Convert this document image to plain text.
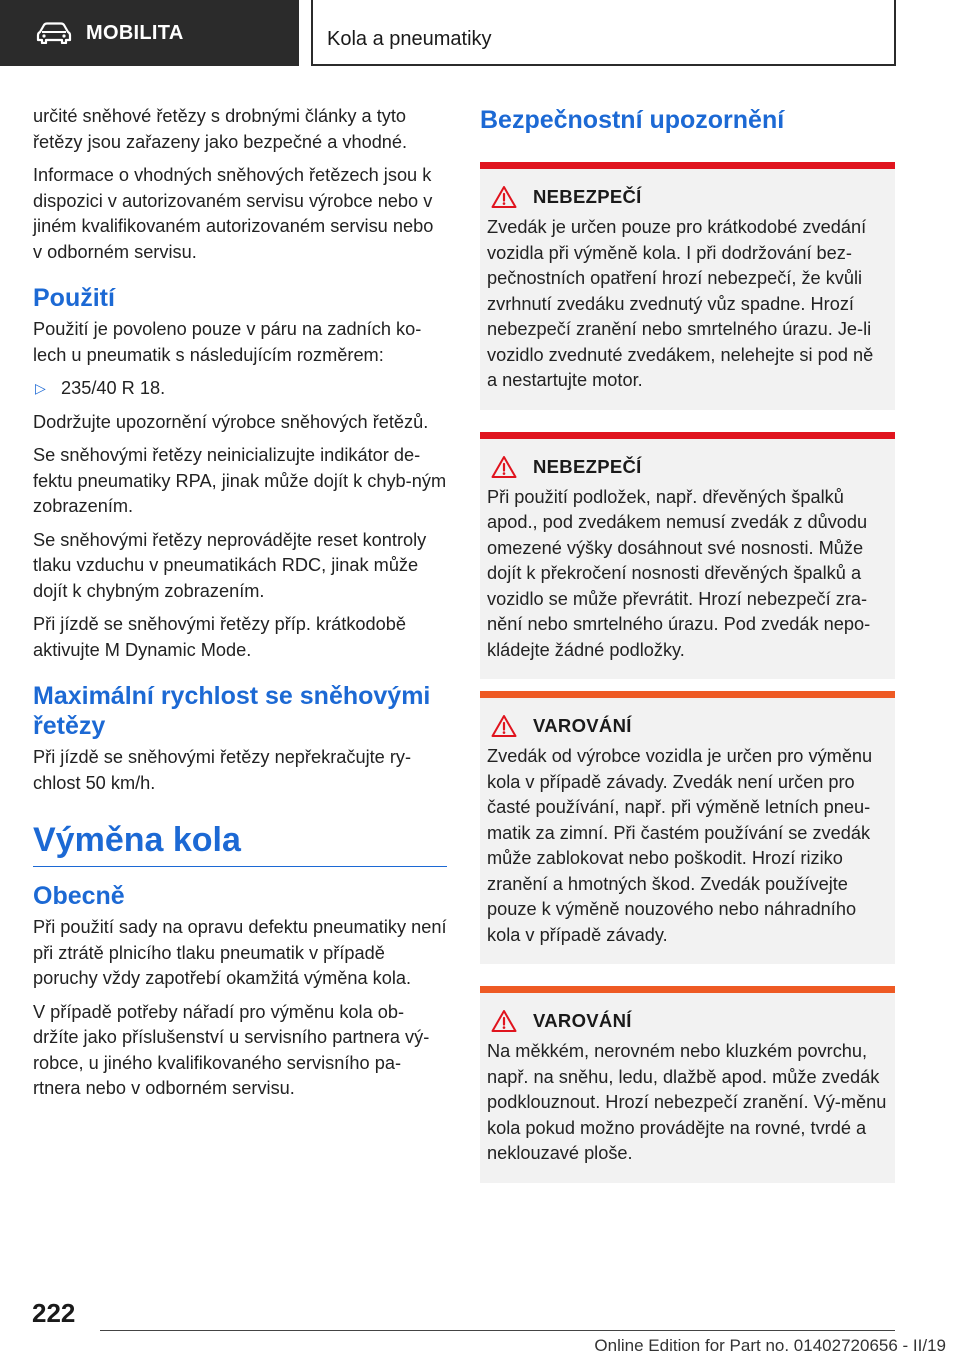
MOBILITA	Kola a pneumatiky

určité sněhové řetězy s drobnými články a tyto řetězy jsou zařazeny jako bezpečné a vhodné.

Informace o vhodných sněhových řetězech jsou k dispozici v autorizovaném servisu výrobce nebo v jiném kvalifikovaném autorizovaném servisu nebo v odborném servisu.

Použití

Použití je povoleno pouze v páru na zadních ko‐lech u pneumatik s následujícím rozměrem:

▷ 235/40 R 18.

Dodržujte upozornění výrobce sněhových řetězů.

Se sněhovými řetězy neinicializujte indikátor de‐fektu pneumatiky RPA, jinak může dojít k chyb‐ným zobrazením.

Se sněhovými řetězy neprovádějte reset kontroly tlaku vzduchu v pneumatikách RDC, jinak může dojít k chybným zobrazením.

Při jízdě se sněhovými řetězy příp. krátkodobě aktivujte M Dynamic Mode.

Maximální rychlost se sněhovými řetězy

Při jízdě se sněhovými řetězy nepřekračujte ry‐chlost 50 km/h.

Výměna kola
Obecně

Při použití sady na opravu defektu pneumatiky není při ztrátě plnicího tlaku pneumatik v případě poruchy vždy zapotřebí okamžitá výměna kola.

V případě potřeby nářadí pro výměnu kola ob‐držíte jako příslušenství u servisního partnera vý‐robce, u jiného kvalifikovaného servisního pa‐rtnera nebo v odborném servisu.

Bezpečnostní upozornění
NEBEZPEČÍ

Zvedák je určen pouze pro krátkodobé zvedání vozidla při výměně kola. I při dodržování bez‐pečnostních opatření hrozí nebezpečí, že kvůli zvrhnutí zvedáku zvednutý vůz spadne. Hrozí nebezpečí zranění nebo smrtelného úrazu. Je-li vozidlo zvednuté zvedákem, nelehejte si pod ně a nestartujte motor.

NEBEZPEČÍ

Při použití podložek, např. dřevěných špalků apod., pod zvedákem nemusí zvedák z důvodu omezené výšky dosáhnout své nosnosti. Může dojít k překročení nosnosti dřevěných špalků a vozidlo se může převrátit. Hrozí nebezpečí zra‐nění nebo smrtelného úrazu. Pod zvedák nepo‐kládejte žádné podložky.

VAROVÁNÍ

Zvedák od výrobce vozidla je určen pro výměnu kola v případě závady. Zvedák není určen pro časté používání, např. při výměně letních pneu‐matik za zimní. Při častém používání se zvedák může zablokovat nebo poškodit. Hrozí riziko zranění a hmotných škod. Zvedák používejte pouze k výměně nouzového nebo náhradního kola v případě závady.

VAROVÁNÍ

Na měkkém, nerovném nebo kluzkém povrchu, např. na sněhu, ledu, dlažbě apod. může zvedák podklouznout. Hrozí nebezpečí zranění. Vý‐měnu kola pokud možno provádějte na rovné, tvrdé a neklouzavé ploše.

222
Online Edition for Part no. 01402720656 - II/19
